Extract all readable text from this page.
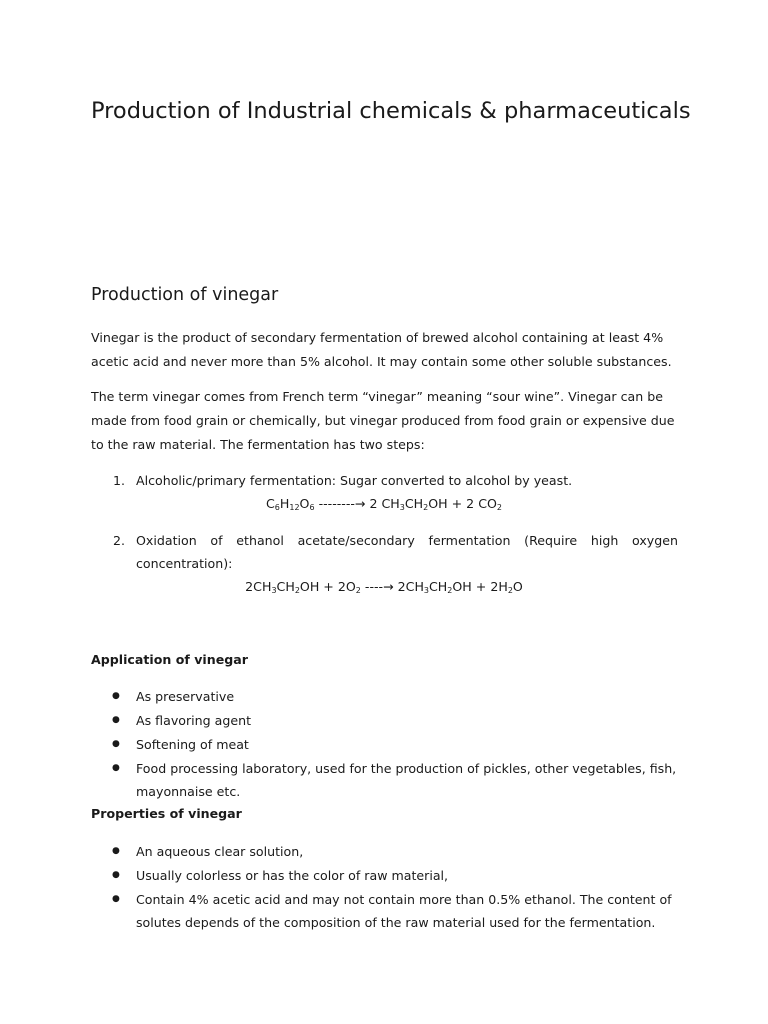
Production of Industrial chemicals & pharmaceuticals
Production of vinegar

Vinegar is the product of secondary fermentation of brewed alcohol containing at least 4% acetic acid and never more than 5% alcohol. It may contain some other soluble substances.

The term vinegar comes from French term “vinegar” meaning “sour wine”. Vinegar can be made from food grain or chemically, but vinegar produced from food grain or expensive due to the raw material. The fermentation has two steps:

1. Alcoholic/primary fermentation: Sugar converted to alcohol by yeast.
$C_6H_{12}O_6$ --------→ 2 $CH_3CH_2OH + 2$ $CO_2$
2. Oxidation of ethanol acetate/secondary fermentation (Require high oxygen concentration):
$2CH_3CH_2OH + 2O_2$ ----→ $2CH_3CH_2OH + 2H_2O$
Application of vinegar
● As preservative
● As flavoring agent
● Softening of meat
● Food processing laboratory, used for the production of pickles, other vegetables, fish, mayonnaise etc.
Properties of vinegar
● An aqueous clear solution,
● Usually colorless or has the color of raw material,
● Contain 4% acetic acid and may not contain more than 0.5% ethanol. The content of solutes depends of the composition of the raw material used for the fermentation.
